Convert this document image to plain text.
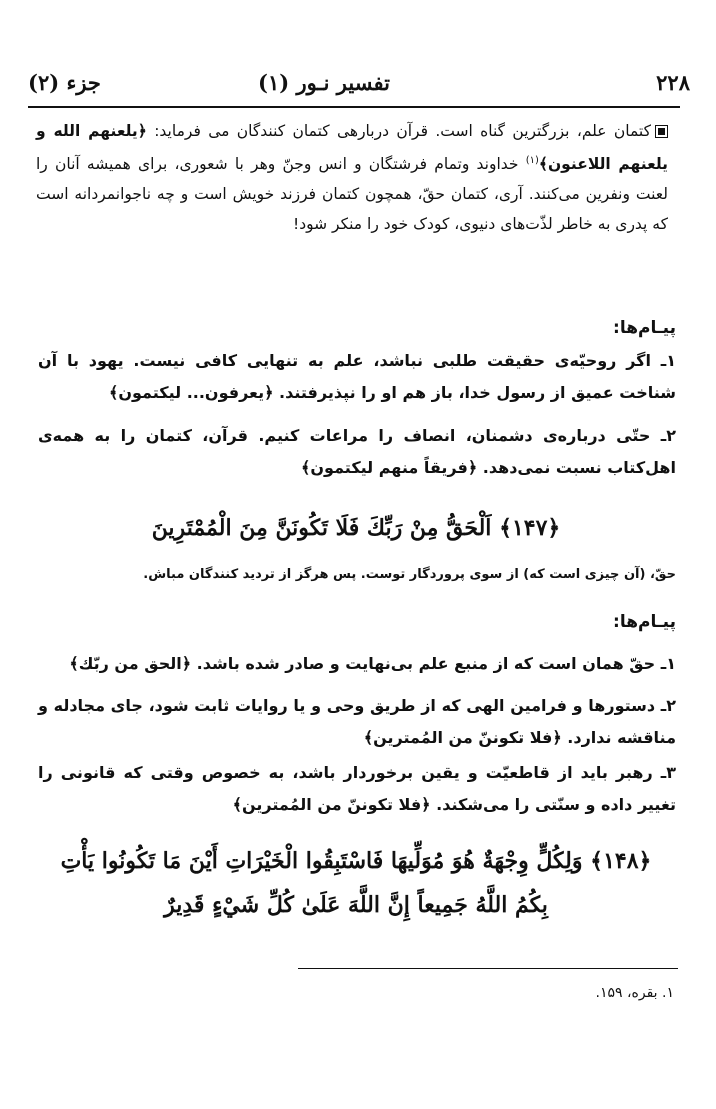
۲۲۸
تفسیر نـور (۱)
جزء (۲)
کتمان علم، بزرگترین گناه است. قرآن دربارهی کتمان کنندگان می فرماید: ﴿یلعنهم الله و یلعنهم اللاعنون﴾$^{(۱)}$ خداوند وتمام فرشتگان و انس وجنّ وهر با شعوری، برای همیشه آنان را لعنت ونفرین می‌کنند. آری، کتمان حقّ، همچون کتمان فرزند خویش است و چه ناجوانمردانه است که پدری به خاطر لذّت‌های دنیوی، کودک خود را منکر شود!
پیـام‌ها:
۱ـ اگر روحیّه‌ی حقیقت طلبی نباشد، علم به تنهایی کافی نیست. یهود با آن شناخت عمیق از رسول خدا، باز هم او را نپذیرفتند. ﴿یعرفون... لیکتمون﴾
۲ـ حتّی درباره‌ی دشمنان، انصاف را مراعات کنیم. قرآن، کتمان را به همه‌ی اهل‌کتاب نسبت نمی‌دهد. ﴿فریقاً منهم لیکتمون﴾
﴿۱۴۷﴾ اَلْحَقُّ مِنْ رَبِّكَ فَلَا تَكُونَنَّ مِنَ الْمُمْتَرِينَ
حقّ، (آن چیزی است که) از سوی پروردگار توست. پس هرگز از تردید کنندگان مباش.
پیـام‌ها:
۱ـ حقّ همان است که از منبع علم بی‌نهایت و صادر شده باشد. ﴿الحق من ربّك﴾
۲ـ دستورها و فرامین الهی که از طریق وحی و یا روایات ثابت شود، جای مجادله و مناقشه ندارد. ﴿فلا تکوننّ من المُمترین﴾
۳ـ رهبر باید از قاطعیّت و یقین برخوردار باشد، به خصوص وقتی که قانونی را تغییر داده و سنّتی را می‌شکند. ﴿فلا تکوننّ من المُمترین﴾
﴿۱۴۸﴾ وَلِكُلٍّ وِجْهَةٌ هُوَ مُوَلِّيهَا فَاسْتَبِقُوا الْخَيْرَاتِ أَيْنَ مَا تَكُونُوا يَأْتِ
بِكُمُ اللَّهُ جَمِيعاً إِنَّ اللَّهَ عَلَىٰ كُلِّ شَيْءٍ قَدِيرٌ
۱. بقره، ۱۵۹.
